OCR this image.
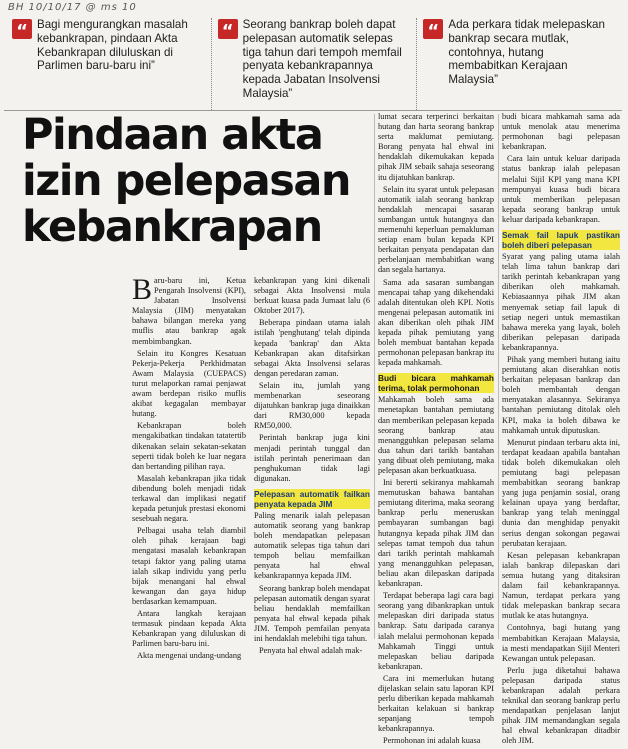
BH 10/10/17 @ ms 10
“ Bagi mengurangkan masalah kebankrapan, pindaan Akta Kebankrapan diluluskan di Parlimen baru-baru ini”
“ Seorang bankrap boleh dapat pelepasan automatik selepas tiga tahun dari tempoh memfail penyata kebankrapannya kepada Jabatan Insolvensi Malaysia”
“ Ada perkara tidak melepaskan bankrap secara mutlak, contohnya, hutang membabitkan Kerajaan Malaysia”
Pindaan akta
izin pelepasan
kebankrapan

Baru-baru ini, Ketua Pengarah Insolvensi (KPI), Jabatan Insolvensi Malaysia (JIM) menyatakan bahawa bilangan mereka yang muflis atau bankrap agak membimbangkan.

Selain itu Kongres Kesatuan Pekerja-Pekerja Perkhidmatan Awam Malaysia (CUEPACS) turut melaporkan ramai penjawat awam berdepan risiko muflis akibat kegagalan membayar hutang.

Kebankrapan boleh mengakibatkan tindakan tatatertib dikenakan selain sekatan-sekatan seperti tidak boleh ke luar negara dan bertanding pilihan raya.

Masalah kebankrapan jika tidak dibendung boleh menjadi tidak terkawal dan implikasi negatif kepada petunjuk prestasi ekonomi sesebuah negara.

Pelbagai usaha telah diambil oleh pihak kerajaan bagi mengatasi masalah kebankrapan tetapi faktor yang paling utama ialah sikap individu yang perlu bijak menangani hal ehwal kewangan dan gaya hidup berdasarkan kemampuan.

Antara langkah kerajaan termasuk pindaan kepada Akta Kebankrapan yang diluluskan di Parlimen baru-baru ini.

Akta mengenai undang-undang

kebankrapan yang kini dikenali sebagai Akta Insolvensi mula berkuat kuasa pada Jumaat lalu (6 Oktober 2017).

Beberapa pindaan utama ialah istilah 'penghutang' telah dipinda kepada 'bankrap' dan Akta Kebankrapan akan ditafsirkan sebagai Akta Insolvensi selaras dengan peredaran zaman.

Selain itu, jumlah yang membenarkan seseorang dijatuhkan bankrap juga dinaikkan dari RM30,000 kepada RM50,000.

Perintah bankrap juga kini menjadi perintah tunggal dan istilah perintah penerimaan dan penghukuman tidak lagi digunakan.

Pelepasan automatik failkan penyata kepada JIM

Paling menarik ialah pelepasan automatik seorang yang bankrap boleh mendapatkan pelepasan automatik selepas tiga tahun dari tempoh beliau memfailkan penyata hal ehwal kebankrapannya kepada JIM.

Seorang bankrap boleh mendapat pelepasan automatik dengan syarat beliau hendaklah memfailkan penyata hal ehwal kepada pihak JIM. Tempoh pemfailan penyata ini hendaklah melebihi tiga tahun.

Penyata hal ehwal adalah mak-

lumat secara terperinci berkaitan hutang dan harta seorang bankrap serta maklumat pemiutang. Borang penyata hal ehwal ini hendaklah dikemukakan kepada pihak JIM sebaik sahaja seseorang itu dijatuhkan bankrap.

Selain itu syarat untuk pelepasan automatik ialah seorang bankrap hendaklah mencapai sasaran sumbangan untuk hutangnya dan memenuhi keperluan pemakluman setiap enam bulan kepada KPI berkaitan penyata pendapatan dan perbelanjaan membabitkan wang dan segala hartanya.

Sama ada sasaran sumbangan mencapai tahap yang dikehendaki adalah ditentukan oleh KPI. Notis mengenai pelepasan automatik ini akan diberikan oleh pihak JIM kepada pihak pemiutang yang boleh membuat bantahan kepada permohonan pelepasan bankrap itu kepada mahkamah.

Budi bicara mahkamah terima, tolak permohonan

Mahkamah boleh sama ada menetapkan bantahan pemiutang dan memberikan pelepasan kepada seorang bankrap atau menangguhkan pelepasan selama dua tahun dari tarikh bantahan yang dibuat oleh pemiutang, maka pelepasan akan berkuatkuasa.

Ini bererti sekiranya mahkamah memutuskan bahawa bantahan pemiutang diterima, maka seorang bankrap perlu meneruskan pembayaran sumbangan bagi hutangnya kepada pihak JIM dan selepas tamat tempoh dua tahun dari tarikh perintah mahkamah yang menangguhkan pelepasan, beliau akan dilepaskan daripada kebankrapan.

Terdapat beberapa lagi cara bagi seorang yang dibankrapkan untuk melepaskan diri daripada status bankrap. Satu daripada caranya ialah melalui permohonan kepada Mahkamah Tinggi untuk melepaskan beliau daripada kebankrapan.

Cara ini memerlukan hutang dijelaskan selain satu laporan KPI perlu diberikan kepada mahkamah berkaitan kelakuan si bankrap sepanjang tempoh kebankrapannya.

Permohonan ini adalah kuasa

budi bicara mahkamah sama ada untuk menolak atau menerima permohonan bagi pelepasan kebankrapan.

Cara lain untuk keluar daripada status bankrap ialah pelepasan melalui Sijil KPI yang mana KPI mempunyai kuasa budi bicara untuk memberikan pelepasan kepada seorang bankrap untuk keluar daripada kebankrapan.

Semak fail lapuk pastikan boleh diberi pelepasan

Syarat yang paling utama ialah telah lima tahun bankrap dari tarikh perintah kebankrapan yang diberikan oleh mahkamah. Kebiasaannya pihak JIM akan menyemak setiap fail lapuk di setiap negeri untuk memastikan bahawa mereka yang layak, boleh diberikan pelepasan daripada kebankrapannya.

Pihak yang memberi hutang iaitu pemiutang akan diserahkan notis berkaitan pelepasan bankrap dan boleh membantah dengan menyatakan alasannya. Sekiranya bantahan pemiutang ditolak oleh KPI, maka ia boleh dibawa ke mahkamah untuk diputuskan.

Menurut pindaan terbaru akta ini, terdapat keadaan apabila bantahan tidak boleh dikemukakan oleh pemiutang bagi pelepasan membabitkan seorang bankrap yang juga penjamin sosial, orang kelainan upaya yang berdaftar, bankrap yang telah meninggal dunia dan menghidap penyakit serius dengan sokongan pegawai perubatan kerajaan.

Kesan pelepasan kebankrapan ialah bankrap dilepaskan dari semua hutang yang ditaksiran dalam fail kebankrapannya. Namun, terdapat perkara yang tidak melepaskan bankrap secara mutlak ke atas hutangnya.

Contohnya, bagi hutang yang membabitkan Kerajaan Malaysia, ia mesti mendapatkan Sijil Menteri Kewangan untuk pelepasan.

Perlu juga diketahui bahawa pelepasan daripada status kebankrapan adalah perkara teknikal dan seorang bankrap perlu mendapatkan penjelasan lanjut pihak JIM memandangkan segala hal ehwal kebankrapan ditadbir oleh JIM.
